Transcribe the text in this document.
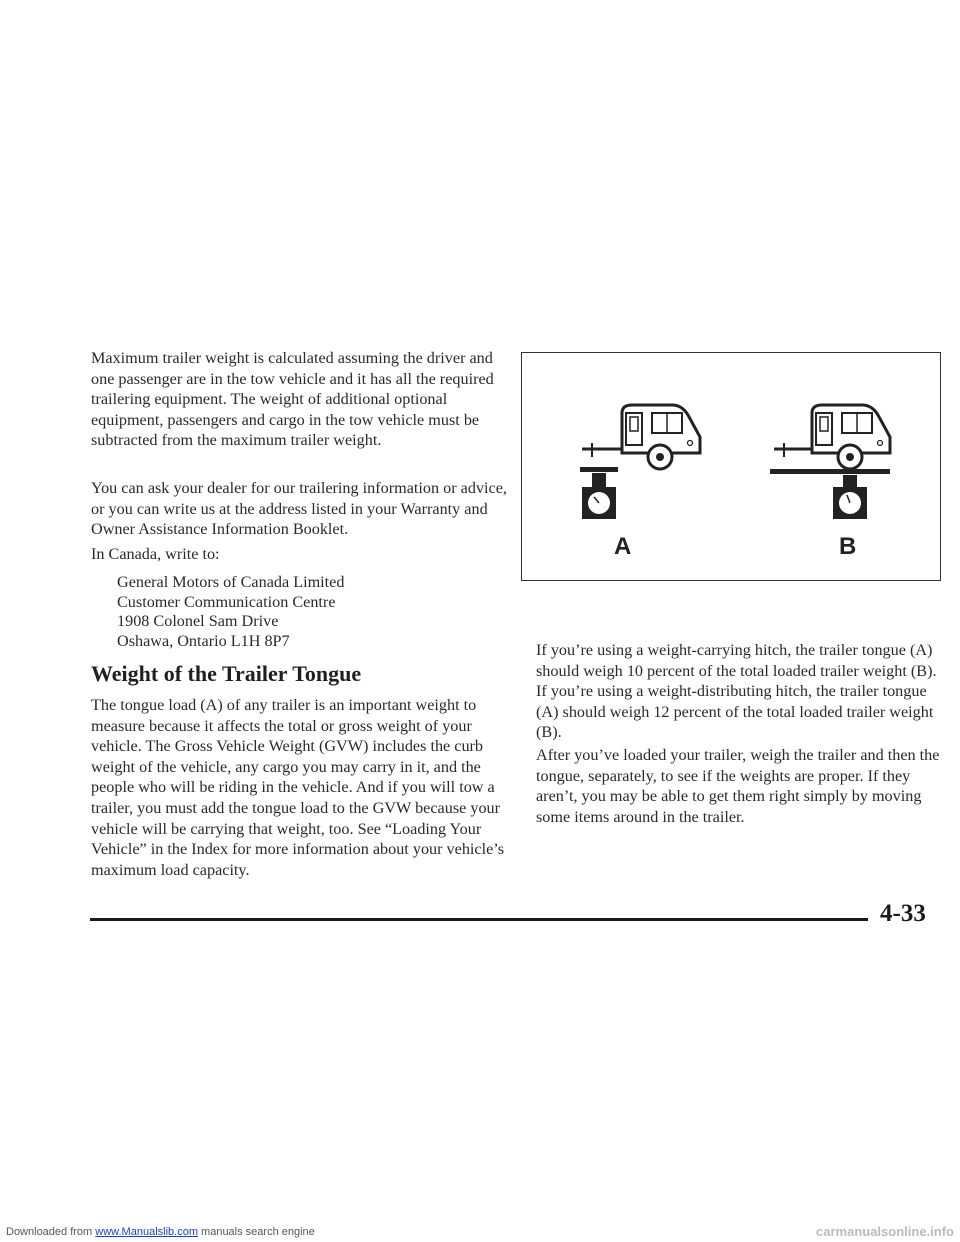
Maximum trailer weight is calculated assuming the driver and one passenger are in the tow vehicle and it has all the required trailering equipment. The weight of additional optional equipment, passengers and cargo in the tow vehicle must be subtracted from the maximum trailer weight.

You can ask your dealer for our trailering information or advice, or you can write us at the address listed in your Warranty and Owner Assistance Information Booklet.

In Canada, write to:

General Motors of Canada Limited
Customer Communication Centre
1908 Colonel Sam Drive
Oshawa, Ontario L1H 8P7
Weight of the Trailer Tongue

The tongue load (A) of any trailer is an important weight to measure because it affects the total or gross weight of your vehicle. The Gross Vehicle Weight (GVW) includes the curb weight of the vehicle, any cargo you may carry in it, and the people who will be riding in the vehicle. And if you will tow a trailer, you must add the tongue load to the GVW because your vehicle will be carrying that weight, too. See “Loading Your Vehicle” in the Index for more information about your vehicle’s maximum load capacity.

A	B

If you’re using a weight-carrying hitch, the trailer tongue (A) should weigh 10 percent of the total loaded trailer weight (B). If you’re using a weight-distributing hitch, the trailer tongue (A) should weigh 12 percent of the total loaded trailer weight (B).

After you’ve loaded your trailer, weigh the trailer and then the tongue, separately, to see if the weights are proper. If they aren’t, you may be able to get them right simply by moving some items around in the trailer.

4-33
Downloaded from www.Manualslib.com manuals search engine	carmanualsonline.info
